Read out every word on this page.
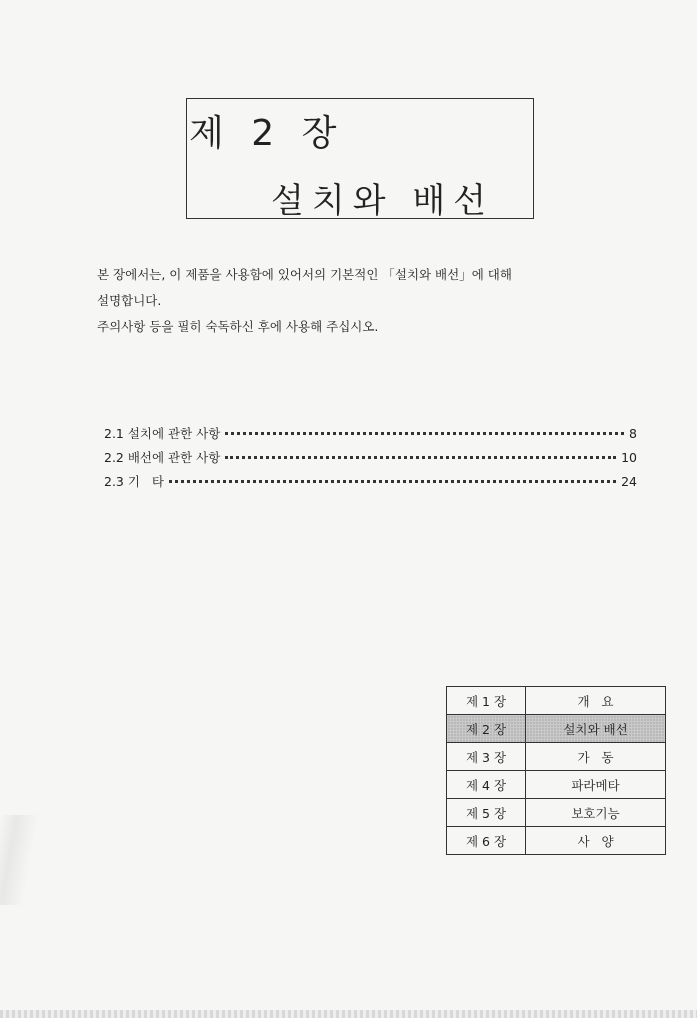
제 2 장
설치와 배선

본 장에서는, 이 제품을 사용함에 있어서의 기본적인 「설치와 배선」에 대해

설명합니다.

주의사항 등을 필히 숙독하신 후에 사용해 주십시오.

2.1 설치에 관한 사항	8
2.2 배선에 관한 사항	10
2.3 기   타	24
제 1 장	개   요
제 2 장	설치와 배선
제 3 장	가   동
제 4 장	파라메타
제 5 장	보호기능
제 6 장	사   양
